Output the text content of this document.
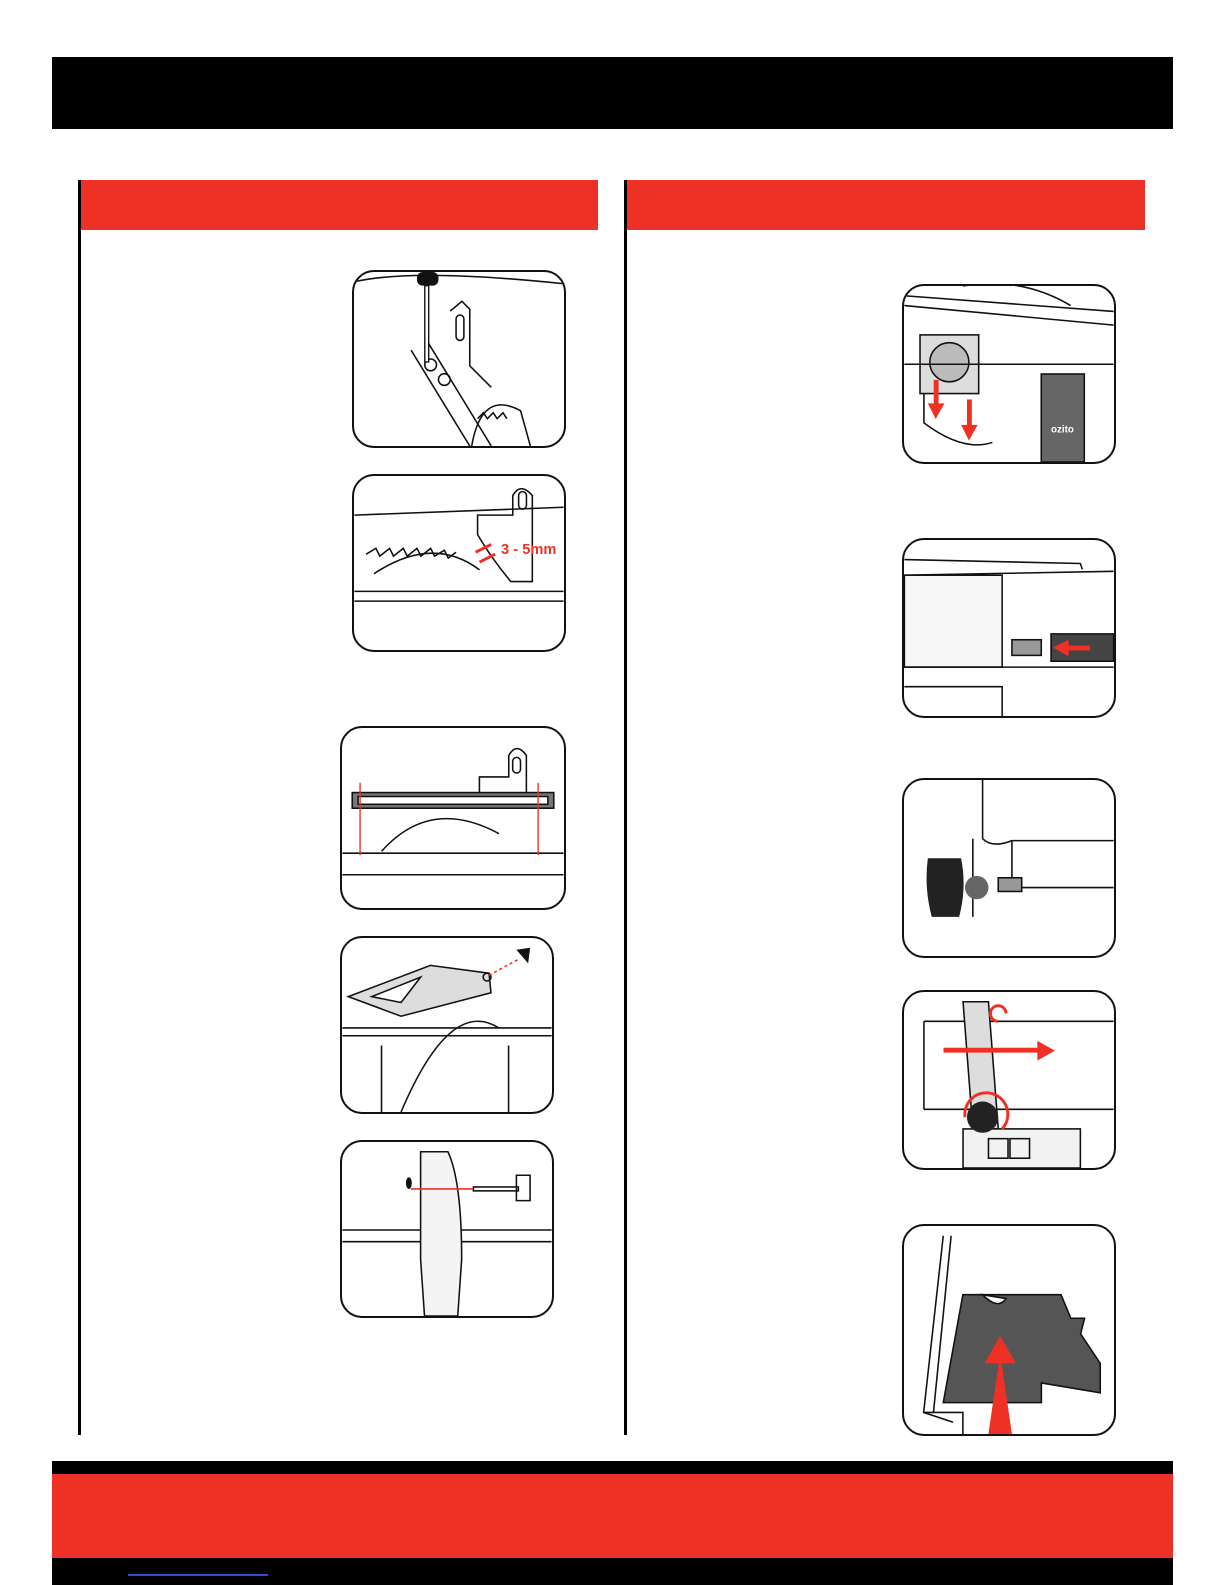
3 - 5mm
ozito
